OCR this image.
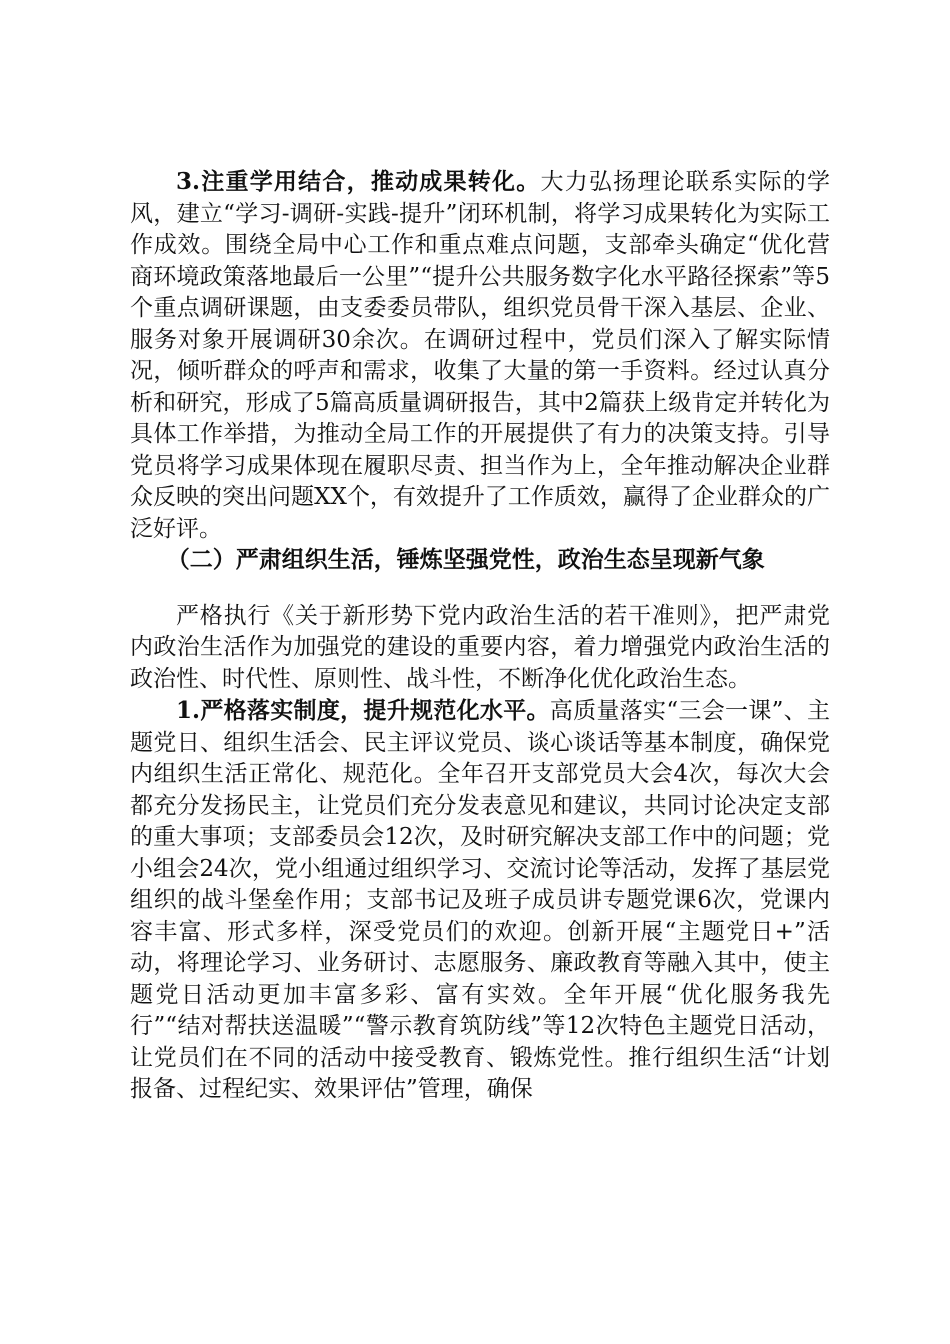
3.注重学用结合，推动成果转化。大力弘扬理论联系实际的学风，建立“学习-调研-实践-提升”闭环机制，将学习成果转化为实际工作成效。围绕全局中心工作和重点难点问题，支部牵头确定“优化营商环境政策落地最后一公里”“提升公共服务数字化水平路径探索”等5个重点调研课题，由支委委员带队，组织党员骨干深入基层、企业、服务对象开展调研30余次。在调研过程中，党员们深入了解实际情况，倾听群众的呼声和需求，收集了大量的第一手资料。经过认真分析和研究，形成了5篇高质量调研报告，其中2篇获上级肯定并转化为具体工作举措，为推动全局工作的开展提供了有力的决策支持。引导党员将学习成果体现在履职尽责、担当作为上，全年推动解决企业群众反映的突出问题XX个，有效提升了工作质效，赢得了企业群众的广泛好评。

（二）严肃组织生活，锤炼坚强党性，政治生态呈现新气象

严格执行《关于新形势下党内政治生活的若干准则》，把严肃党内政治生活作为加强党的建设的重要内容，着力增强党内政治生活的政治性、时代性、原则性、战斗性，不断净化优化政治生态。

1.严格落实制度，提升规范化水平。高质量落实“三会一课”、主题党日、组织生活会、民主评议党员、谈心谈话等基本制度，确保党内组织生活正常化、规范化。全年召开支部党员大会4次，每次大会都充分发扬民主，让党员们充分发表意见和建议，共同讨论决定支部的重大事项；支部委员会12次，及时研究解决支部工作中的问题；党小组会24次，党小组通过组织学习、交流讨论等活动，发挥了基层党组织的战斗堡垒作用；支部书记及班子成员讲专题党课6次，党课内容丰富、形式多样，深受党员们的欢迎。创新开展“主题党日+”活动，将理论学习、业务研讨、志愿服务、廉政教育等融入其中，使主题党日活动更加丰富多彩、富有实效。全年开展“优化服务我先行”“结对帮扶送温暖”“警示教育筑防线”等12次特色主题党日活动，让党员们在不同的活动中接受教育、锻炼党性。推行组织生活“计划报备、过程纪实、效果评估”管理，确保
